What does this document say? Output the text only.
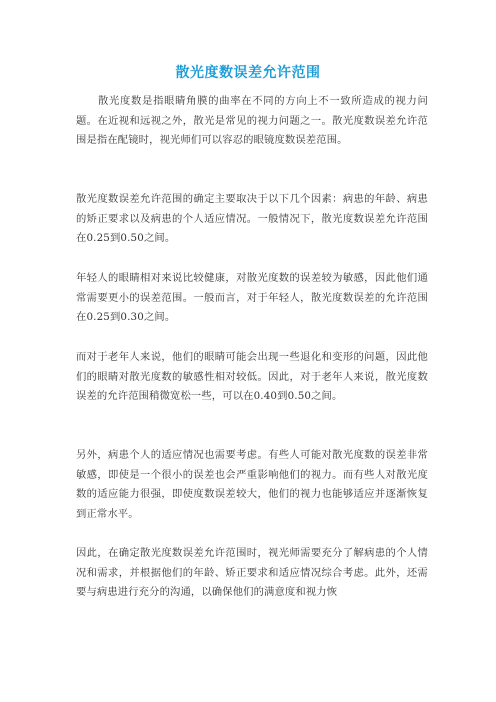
散光度数误差允许范围
散光度数是指眼睛角膜的曲率在不同的方向上不一致所造成的视力问题。在近视和远视之外，散光是常见的视力问题之一。散光度数误差允许范围是指在配镜时，视光师们可以容忍的眼镜度数误差范围。
散光度数误差允许范围的确定主要取决于以下几个因素：病患的年龄、病患的矫正要求以及病患的个人适应情况。一般情况下，散光度数误差允许范围在0.25到0.50之间。
年轻人的眼睛相对来说比较健康，对散光度数的误差较为敏感，因此他们通常需要更小的误差范围。一般而言，对于年轻人，散光度数误差的允许范围在0.25到0.30之间。
而对于老年人来说，他们的眼睛可能会出现一些退化和变形的问题，因此他们的眼睛对散光度数的敏感性相对较低。因此，对于老年人来说，散光度数误差的允许范围稍微宽松一些，可以在0.40到0.50之间。
另外，病患个人的适应情况也需要考虑。有些人可能对散光度数的误差非常敏感，即使是一个很小的误差也会严重影响他们的视力。而有些人对散光度数的适应能力很强，即使度数误差较大，他们的视力也能够适应并逐渐恢复到正常水平。
因此，在确定散光度数误差允许范围时，视光师需要充分了解病患的个人情况和需求，并根据他们的年龄、矫正要求和适应情况综合考虑。此外，还需要与病患进行充分的沟通，以确保他们的满意度和视力恢
